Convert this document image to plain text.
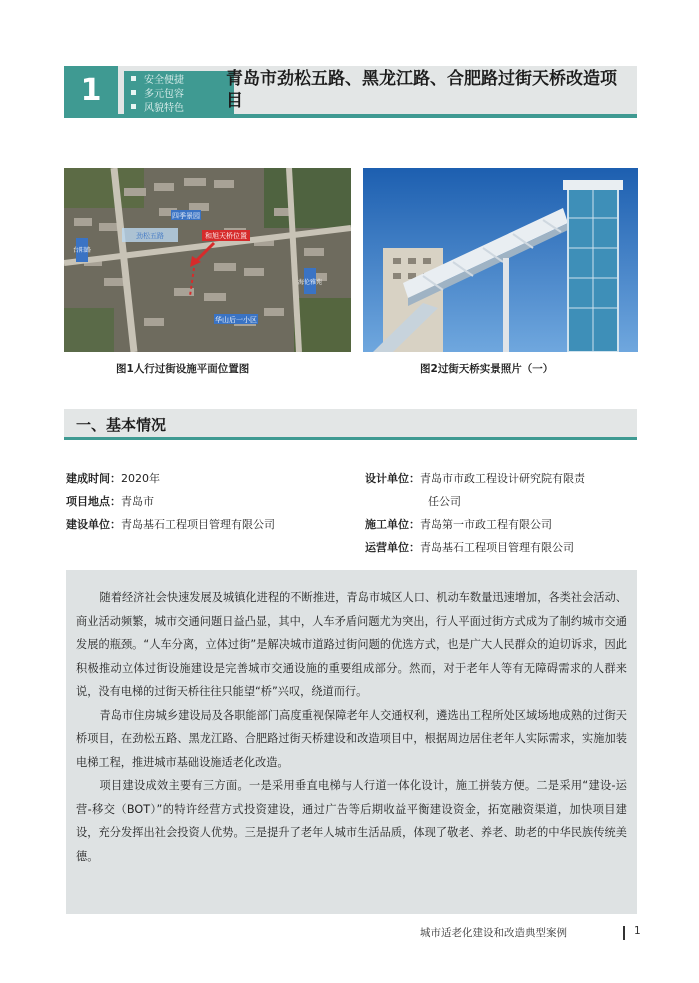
1	安全便捷
多元包容
风貌特色
青岛市劲松五路、黑龙江路、合肥路过街天桥改造项目
四季景园
和旭天桥位置
劲松五路
华山后一小区
台阳路
海伦雅苑
图1人行过街设施平面位置图	图2过街天桥实景照片（一）
一、基本情况
建成时间：2020年
项目地点：青岛市
建设单位：青岛基石工程项目管理有限公司
设计单位：青岛市市政工程设计研究院有限责
任公司
施工单位：青岛第一市政工程有限公司
运营单位：青岛基石工程项目管理有限公司

随着经济社会快速发展及城镇化进程的不断推进，青岛市城区人口、机动车数量迅速增加，各类社会活动、商业活动频繁，城市交通问题日益凸显，其中，人车矛盾问题尤为突出，行人平面过街方式成为了制约城市交通发展的瓶颈。“人车分离，立体过街”是解决城市道路过街问题的优选方式，也是广大人民群众的迫切诉求，因此积极推动立体过街设施建设是完善城市交通设施的重要组成部分。然而，对于老年人等有无障碍需求的人群来说，没有电梯的过街天桥往往只能望“桥”兴叹，绕道而行。

青岛市住房城乡建设局及各职能部门高度重视保障老年人交通权利，遴选出工程所处区域场地成熟的过街天桥项目，在劲松五路、黑龙江路、合肥路过街天桥建设和改造项目中，根据周边居住老年人实际需求，实施加装电梯工程，推进城市基础设施适老化改造。

项目建设成效主要有三方面。一是采用垂直电梯与人行道一体化设计，施工拼装方便。二是采用“建设-运营-移交（BOT）”的特许经营方式投资建设，通过广告等后期收益平衡建设资金，拓宽融资渠道，加快项目建设，充分发挥出社会投资人优势。三是提升了老年人城市生活品质，体现了敬老、养老、助老的中华民族传统美德。

城市适老化建设和改造典型案例	1
